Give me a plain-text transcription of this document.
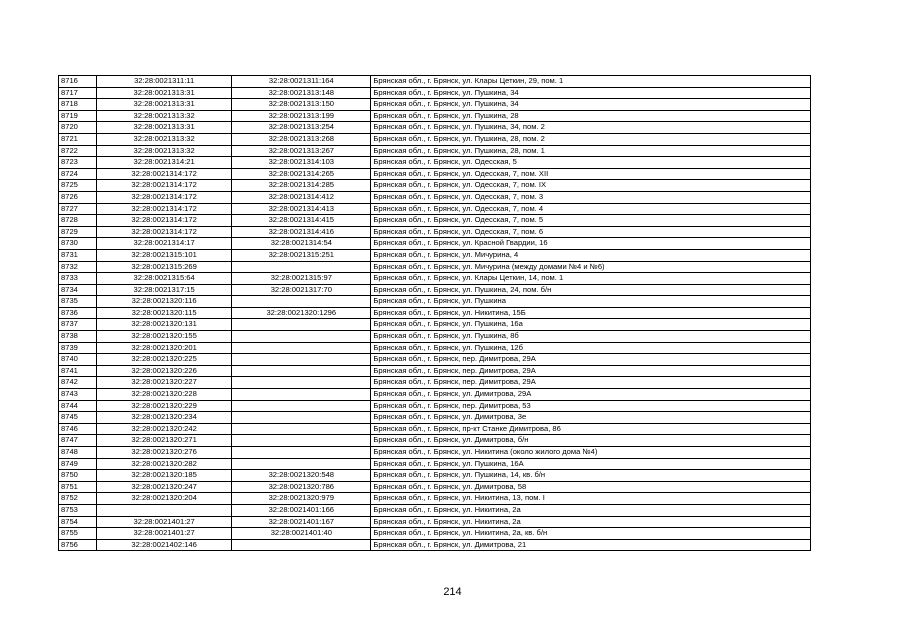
8716	32:28:0021311:11	32:28:0021311:164	Брянская обл., г. Брянск, ул. Клары Цеткин, 29, пом. 1
8717	32:28:0021313:31	32:28:0021313:148	Брянская обл., г. Брянск, ул. Пушкина, 34
8718	32:28:0021313:31	32:28:0021313:150	Брянская обл., г. Брянск, ул. Пушкина, 34
8719	32:28:0021313:32	32:28:0021313:199	Брянская обл., г. Брянск, ул. Пушкина, 28
8720	32:28:0021313:31	32:28:0021313:254	Брянская обл., г. Брянск, ул. Пушкина, 34, пом. 2
8721	32:28:0021313:32	32:28:0021313:268	Брянская обл., г. Брянск, ул. Пушкина, 28, пом. 2
8722	32:28:0021313:32	32:28:0021313:267	Брянская обл., г. Брянск, ул. Пушкина, 28, пом. 1
8723	32:28:0021314:21	32:28:0021314:103	Брянская обл., г. Брянск, ул. Одесская, 5
8724	32:28:0021314:172	32:28:0021314:265	Брянская обл., г. Брянск, ул. Одесская, 7, пом. XII
8725	32:28:0021314:172	32:28:0021314:285	Брянская обл., г. Брянск, ул. Одесская, 7, пом. IX
8726	32:28:0021314:172	32:28:0021314:412	Брянская обл., г. Брянск, ул. Одесская, 7, пом. 3
8727	32:28:0021314:172	32:28:0021314:413	Брянская обл., г. Брянск, ул. Одесская, 7, пом. 4
8728	32:28:0021314:172	32:28:0021314:415	Брянская обл., г. Брянск, ул. Одесская, 7, пом. 5
8729	32:28:0021314:172	32:28:0021314:416	Брянская обл., г. Брянск, ул. Одесская, 7, пом. 6
8730	32:28:0021314:17	32:28:0021314:54	Брянская обл., г. Брянск, ул. Красной Гвардии, 16
8731	32:28:0021315:101	32:28:0021315:251	Брянская обл., г. Брянск, ул. Мичурина, 4
8732	32:28:0021315:269		Брянская обл., г. Брянск, ул. Мичурина (между домами №4 и №6)
8733	32:28:0021315:64	32:28:0021315:97	Брянская обл., г. Брянск, ул. Клары Цеткин, 14, пом. 1
8734	32:28:0021317:15	32:28:0021317:70	Брянская обл., г. Брянск, ул. Пушкина, 24, пом. б/н
8735	32:28:0021320:116		Брянская обл., г. Брянск, ул. Пушкина
8736	32:28:0021320:115	32:28:0021320:1296	Брянская обл., г. Брянск, ул. Никитина, 15Б
8737	32:28:0021320:131		Брянская обл., г. Брянск, ул. Пушкина, 16а
8738	32:28:0021320:155		Брянская обл., г. Брянск, ул. Пушкина, 8б
8739	32:28:0021320:201		Брянская обл., г. Брянск, ул. Пушкина, 12б
8740	32:28:0021320:225		Брянская обл., г. Брянск, пер. Димитрова, 29А
8741	32:28:0021320:226		Брянская обл., г. Брянск, пер. Димитрова, 29А
8742	32:28:0021320:227		Брянская обл., г. Брянск, пер. Димитрова, 29А
8743	32:28:0021320:228		Брянская обл., г. Брянск, ул. Димитрова, 29А
8744	32:28:0021320:229		Брянская обл., г. Брянск, пер. Димитрова, 53
8745	32:28:0021320:234		Брянская обл., г. Брянск, ул. Димитрова, 3е
8746	32:28:0021320:242		Брянская обл., г. Брянск, пр-кт Станке Димитрова, 86
8747	32:28:0021320:271		Брянская обл., г. Брянск, ул. Димитрова, б/н
8748	32:28:0021320:276		Брянская обл., г. Брянск, ул. Никитина (около жилого дома №4)
8749	32:28:0021320:282		Брянская обл., г. Брянск, ул. Пушкина, 16А
8750	32:28:0021320:185	32:28:0021320:548	Брянская обл., г. Брянск, ул. Пушкина, 14, кв. б/н
8751	32:28:0021320:247	32:28:0021320:786	Брянская обл., г. Брянск, ул. Димитрова, 58
8752	32:28:0021320:204	32:28:0021320:979	Брянская обл., г. Брянск, ул. Никитина, 13, пом. I
8753		32:28:0021401:166	Брянская обл., г. Брянск, ул. Никитина, 2а
8754	32:28:0021401:27	32:28:0021401:167	Брянская обл., г. Брянск, ул. Никитина, 2а
8755	32:28:0021401:27	32:28:0021401:40	Брянская обл., г. Брянск, ул. Никитина, 2а, кв. б/н
8756	32:28:0021402:146		Брянская обл., г. Брянск, ул. Димитрова, 21
214
